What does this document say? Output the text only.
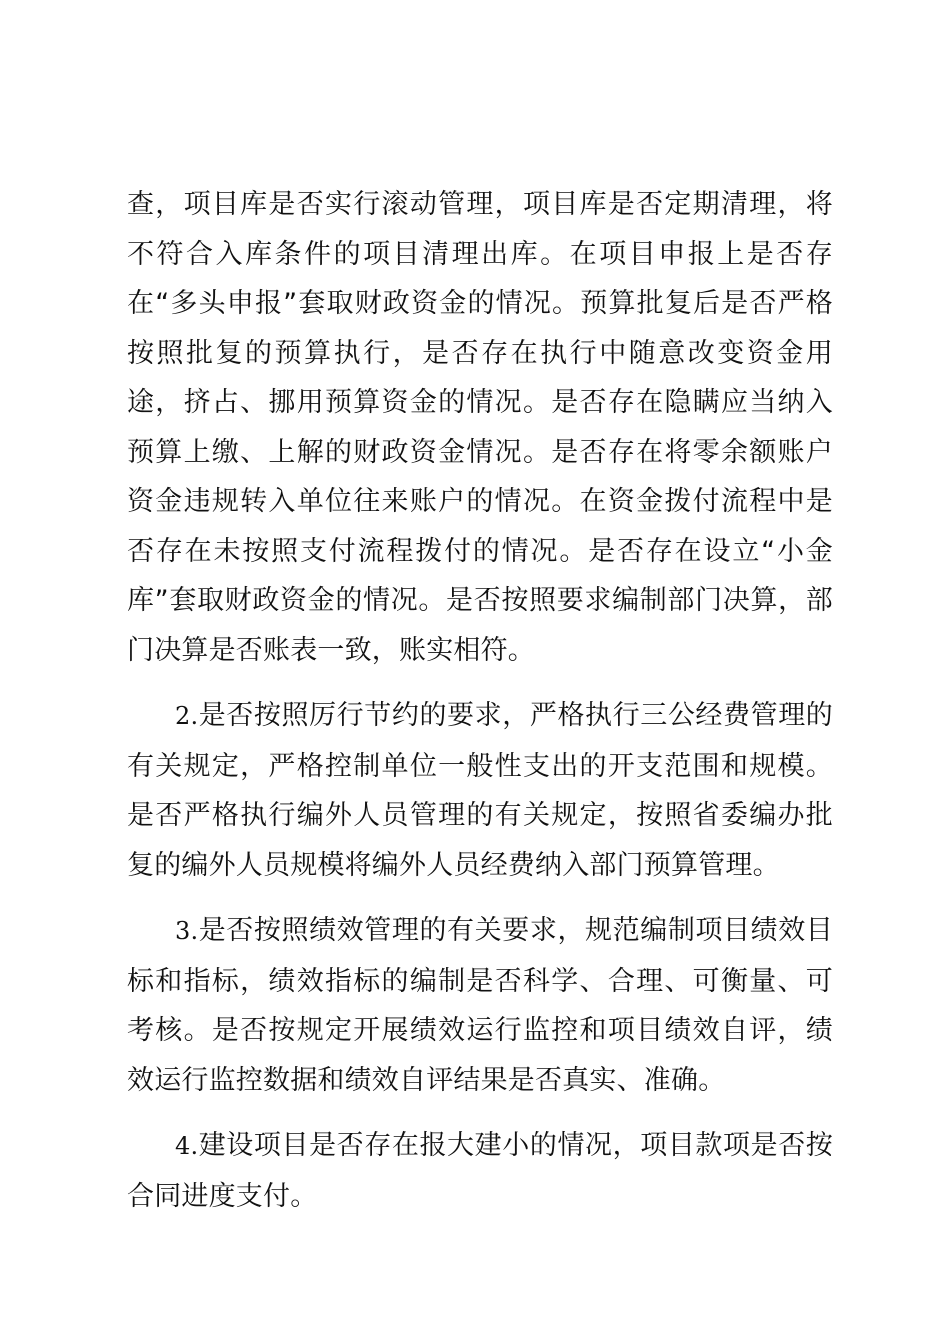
查，项目库是否实行滚动管理，项目库是否定期清理，将不符合入库条件的项目清理出库。在项目申报上是否存在“多头申报”套取财政资金的情况。预算批复后是否严格按照批复的预算执行，是否存在执行中随意改变资金用途，挤占、挪用预算资金的情况。是否存在隐瞒应当纳入预算上缴、上解的财政资金情况。是否存在将零余额账户资金违规转入单位往来账户的情况。在资金拨付流程中是否存在未按照支付流程拨付的情况。是否存在设立“小金库”套取财政资金的情况。是否按照要求编制部门决算，部门决算是否账表一致，账实相符。

2.是否按照厉行节约的要求，严格执行三公经费管理的有关规定，严格控制单位一般性支出的开支范围和规模。是否严格执行编外人员管理的有关规定，按照省委编办批复的编外人员规模将编外人员经费纳入部门预算管理。

3.是否按照绩效管理的有关要求，规范编制项目绩效目标和指标，绩效指标的编制是否科学、合理、可衡量、可考核。是否按规定开展绩效运行监控和项目绩效自评，绩效运行监控数据和绩效自评结果是否真实、准确。

4.建设项目是否存在报大建小的情况，项目款项是否按合同进度支付。
